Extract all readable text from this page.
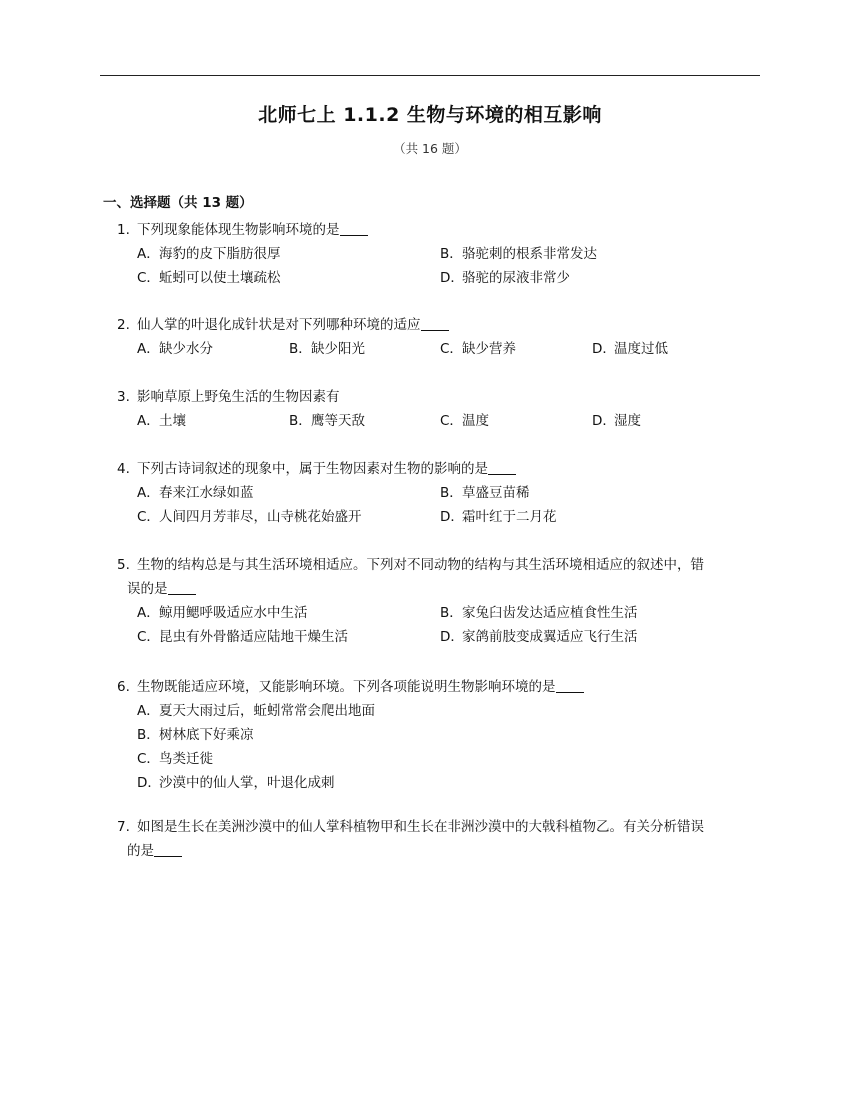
北师七上 1.1.2 生物与环境的相互影响
（共 16 题）
一、选择题（共 13 题）
1. 下列现象能体现生物影响环境的是
A．海豹的皮下脂肪很厚	B．骆驼刺的根系非常发达
C．蚯蚓可以使土壤疏松	D．骆驼的尿液非常少
2. 仙人掌的叶退化成针状是对下列哪种环境的适应
A．缺少水分	B．缺少阳光	C．缺少营养	D．温度过低
3. 影响草原上野兔生活的生物因素有
A．土壤	B．鹰等天敌	C．温度	D．湿度
4. 下列古诗词叙述的现象中，属于生物因素对生物的影响的是
A．春来江水绿如蓝	B．草盛豆苗稀
C．人间四月芳菲尽，山寺桃花始盛开	D．霜叶红于二月花
5. 生物的结构总是与其生活环境相适应。下列对不同动物的结构与其生活环境相适应的叙述中，错
误的是
A．鲸用鳃呼吸适应水中生活	B．家兔臼齿发达适应植食性生活
C．昆虫有外骨骼适应陆地干燥生活	D．家鸽前肢变成翼适应飞行生活
6. 生物既能适应环境，又能影响环境。下列各项能说明生物影响环境的是
A．夏天大雨过后，蚯蚓常常会爬出地面
B．树林底下好乘凉
C．鸟类迁徙
D．沙漠中的仙人掌，叶退化成刺
7. 如图是生长在美洲沙漠中的仙人掌科植物甲和生长在非洲沙漠中的大戟科植物乙。有关分析错误
的是
